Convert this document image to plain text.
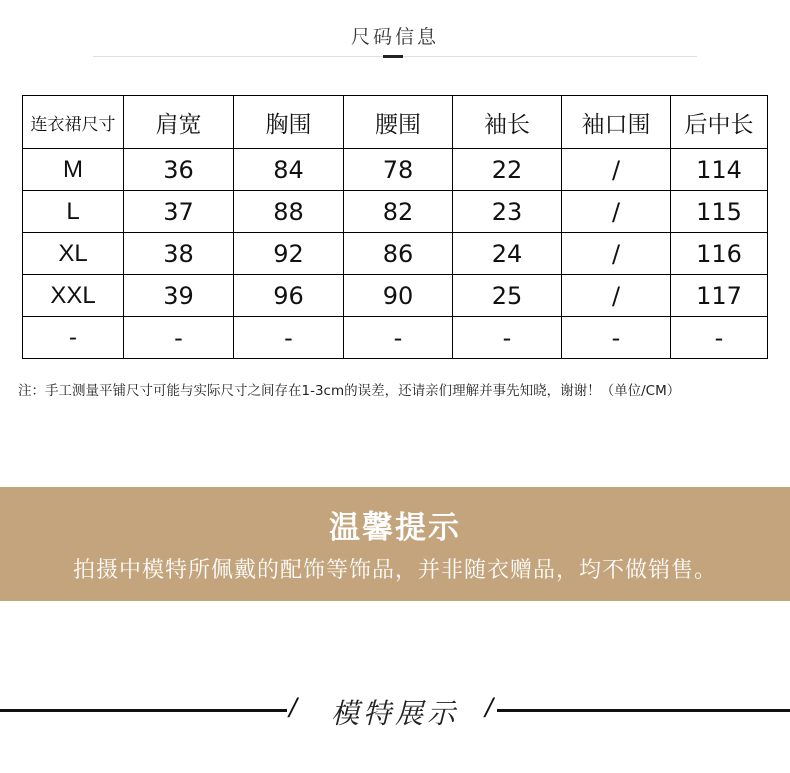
尺码信息
连衣裙尺寸	肩宽	胸围	腰围	袖长	袖口围	后中长
M	36	84	78	22	/	114
L	37	88	82	23	/	115
XL	38	92	86	24	/	116
XXL	39	96	90	25	/	117
-	-	-	-	-	-	-
注：手工测量平铺尺寸可能与实际尺寸之间存在1-3cm的误差，还请亲们理解并事先知晓，谢谢！（单位/CM）
温馨提示
拍摄中模特所佩戴的配饰等饰品，并非随衣赠品，均不做销售。
/	模特展示	/
